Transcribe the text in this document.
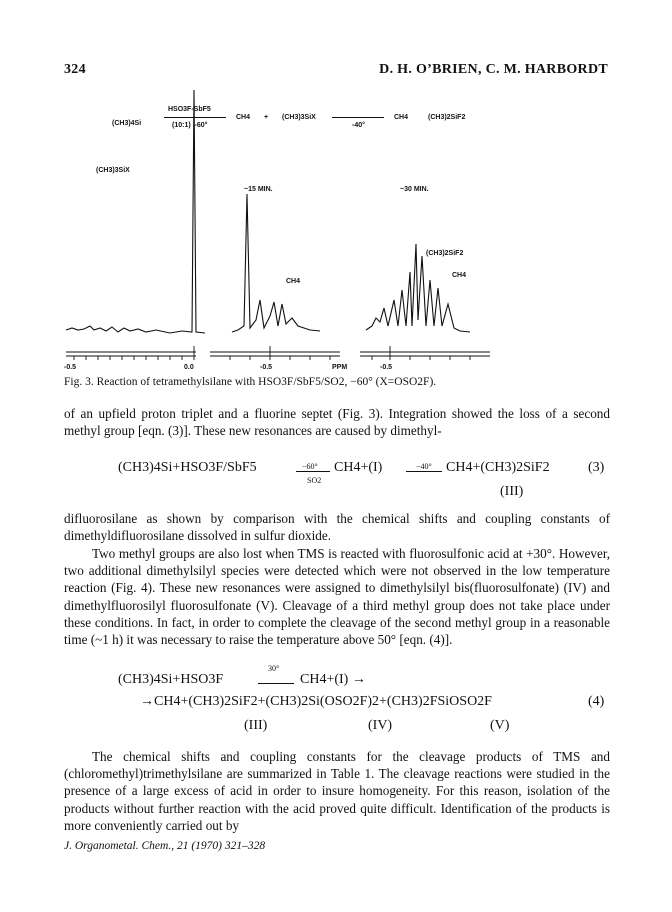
324	D. H. O’BRIEN, C. M. HARBORDT
(CH3)4Si
HSO3F-SbF5
(10:1) ,-60°
CH4 + (CH3)3SiX
-40°
CH4	(CH3)2SiF2
(CH3)3SiX
~15 MIN.
CH4
~30 MIN.
(CH3)2SiF2
CH4
-0.5	0.0	-0.5	PPM	-0.5
Fig. 3. Reaction of tetramethylsilane with HSO3F/SbF5/SO2, −60° (X=OSO2F).
of an upfield proton triplet and a fluorine septet (Fig. 3). Integration showed the loss of a second methyl group [eqn. (3)]. These new resonances are caused by dimethyl-
(CH3)4Si+HSO3F/SbF5	−60°
SO2
CH4+(I)	−40° CH4+(CH3)2SiF2	(3)
(III)
difluorosilane as shown by comparison with the chemical shifts and coupling constants of dimethyldifluorosilane dissolved in sulfur dioxide.
Two methyl groups are also lost when TMS is reacted with fluorosulfonic acid at +30°. However, two additional dimethylsilyl species were detected which were not observed in the low temperature reaction (Fig. 4). These new resonances were assigned to dimethylsilyl bis(fluorosulfonate) (IV) and dimethylfluorosilyl fluorosulfonate (V). Cleavage of a third methyl group does not take place under these conditions. In fact, in order to complete the cleavage of the second methyl group in a reasonable time (~1 h) it was necessary to raise the temperature above 50° [eqn. (4)].
(CH3)4Si+HSO3F
30°
CH4+(I) →
→CH4+(CH3)2SiF2+(CH3)2Si(OSO2F)2+(CH3)2FSiOSO2F	(4)
(III)	(IV)	(V)
The chemical shifts and coupling constants for the cleavage products of TMS and (chloromethyl)trimethylsilane are summarized in Table 1. The cleavage reactions were studied in the presence of a large excess of acid in order to insure homogeneity. For this reason, isolation of the products without further reaction with the acid proved quite difficult. Identification of the products is more conveniently carried out by
J. Organometal. Chem., 21 (1970) 321–328
